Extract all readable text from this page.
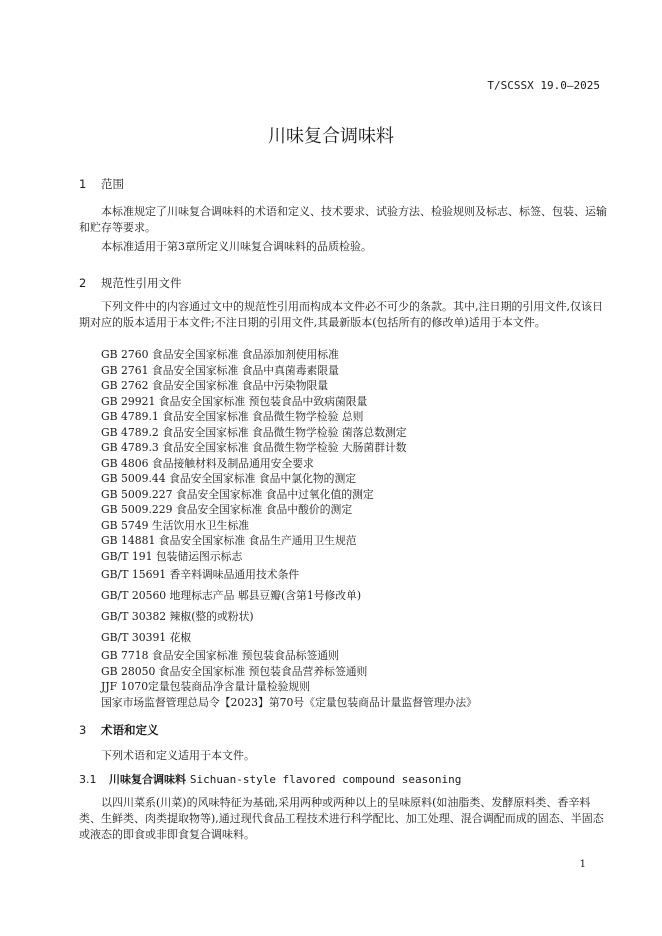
T/SCSSX 19.0—2025
川味复合调味料
1 范围

本标准规定了川味复合调味料的术语和定义、技术要求、试验方法、检验规则及标志、标签、包装、运输和贮存等要求。

本标准适用于第3章所定义川味复合调味料的品质检验。

2 规范性引用文件

下列文件中的内容通过文中的规范性引用而构成本文件必不可少的条款。其中,注日期的引用文件,仅该日期对应的版本适用于本文件;不注日期的引用文件,其最新版本(包括所有的修改单)适用于本文件。

GB 2760 食品安全国家标准 食品添加剂使用标准
GB 2761 食品安全国家标准 食品中真菌毒素限量
GB 2762 食品安全国家标准 食品中污染物限量
GB 29921 食品安全国家标准 预包装食品中致病菌限量
GB 4789.1 食品安全国家标准 食品微生物学检验 总则
GB 4789.2 食品安全国家标准 食品微生物学检验 菌落总数测定
GB 4789.3 食品安全国家标准 食品微生物学检验 大肠菌群计数
GB 4806 食品接触材料及制品通用安全要求
GB 5009.44 食品安全国家标准 食品中氯化物的测定
GB 5009.227 食品安全国家标准 食品中过氧化值的测定
GB 5009.229 食品安全国家标准 食品中酸价的测定
GB 5749 生活饮用水卫生标准
GB 14881 食品安全国家标准 食品生产通用卫生规范
GB/T 191 包装储运图示标志
GB/T 15691 香辛料调味品通用技术条件
GB/T 20560 地理标志产品 郫县豆瓣(含第1号修改单)
GB/T 30382 辣椒(整的或粉状)
GB/T 30391 花椒
GB 7718 食品安全国家标准 预包装食品标签通则
GB 28050 食品安全国家标准 预包装食品营养标签通则
JJF 1070定量包装商品净含量计量检验规则
国家市场监督管理总局令【2023】第70号《定量包装商品计量监督管理办法》
3 术语和定义

下列术语和定义适用于本文件。

3.1 川味复合调味料 Sichuan-style flavored compound seasoning

以四川菜系(川菜)的风味特征为基础,采用两种或两种以上的呈味原料(如油脂类、发酵原料类、香辛料类、生鲜类、肉类提取物等),通过现代食品工程技术进行科学配比、加工处理、混合调配而成的固态、半固态或液态的即食或非即食复合调味料。

1
